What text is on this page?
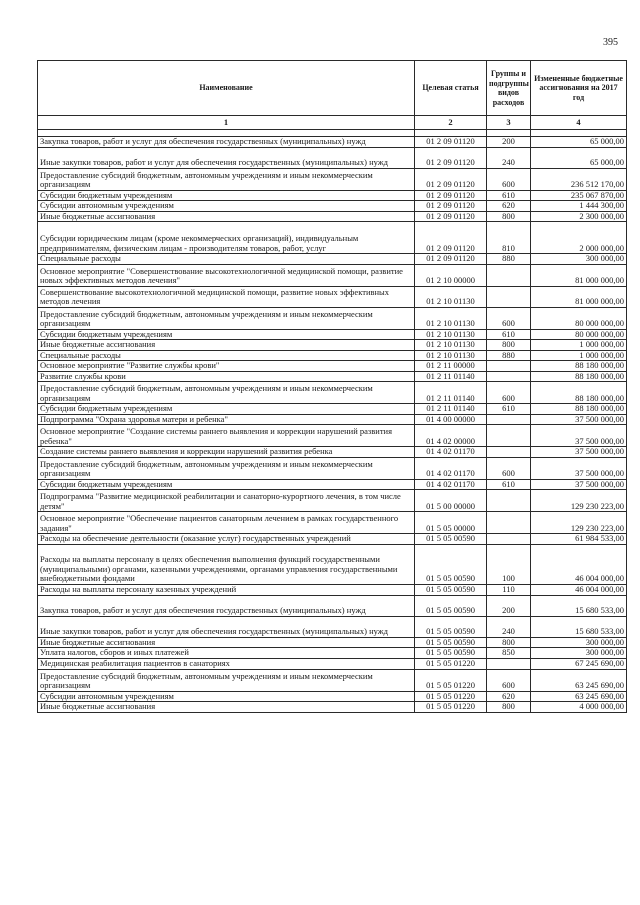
395
Наименование	Целевая статья	Группы и подгруппы видов расходов	Измененные бюджетные ассигнования на 2017 год
1	2	3	4

Закупка товаров, работ и услуг для обеспечения государственных (муниципальных) нужд	01 2 09 01120	200	65 000,00
Иные закупки товаров, работ и услуг для обеспечения государственных (муниципальных) нужд	01 2 09 01120	240	65 000,00
Предоставление субсидий бюджетным, автономным учреждениям и иным некоммерческим организациям	01 2 09 01120	600	236 512 170,00
Субсидии бюджетным учреждениям	01 2 09 01120	610	235 067 870,00
Субсидии автономным учреждениям	01 2 09 01120	620	1 444 300,00
Иные бюджетные ассигнования	01 2 09 01120	800	2 300 000,00
Субсидии юридическим лицам (кроме некоммерческих организаций), индивидуальным предпринимателям, физическим лицам - производителям товаров, работ, услуг	01 2 09 01120	810	2 000 000,00
Специальные расходы	01 2 09 01120	880	300 000,00
Основное мероприятие "Совершенствование высокотехнологичной медицинской помощи, развитие новых эффективных методов лечения"	01 2 10 00000		81 000 000,00
Совершенствование высокотехнологичной медицинской помощи, развитие новых эффективных методов лечения	01 2 10 01130		81 000 000,00
Предоставление субсидий бюджетным, автономным учреждениям и иным некоммерческим организациям	01 2 10 01130	600	80 000 000,00
Субсидии бюджетным учреждениям	01 2 10 01130	610	80 000 000,00
Иные бюджетные ассигнования	01 2 10 01130	800	1 000 000,00
Специальные расходы	01 2 10 01130	880	1 000 000,00
Основное мероприятие "Развитие службы крови"	01 2 11 00000		88 180 000,00
Развитие службы крови	01 2 11 01140		88 180 000,00
Предоставление субсидий бюджетным, автономным учреждениям и иным некоммерческим организациям	01 2 11 01140	600	88 180 000,00
Субсидии бюджетным учреждениям	01 2 11 01140	610	88 180 000,00
Подпрограмма "Охрана здоровья матери и ребенка"	01 4 00 00000		37 500 000,00
Основное мероприятие "Создание системы раннего выявления и коррекции нарушений развития ребенка"	01 4 02 00000		37 500 000,00
Создание системы раннего выявления и коррекции нарушений развития ребенка	01 4 02 01170		37 500 000,00
Предоставление субсидий бюджетным, автономным учреждениям и иным некоммерческим организациям	01 4 02 01170	600	37 500 000,00
Субсидии бюджетным учреждениям	01 4 02 01170	610	37 500 000,00
Подпрограмма "Развитие медицинской реабилитации и санаторно-курортного лечения, в том числе детям"	01 5 00 00000		129 230 223,00
Основное мероприятие "Обеспечение пациентов санаторным лечением в рамках государственного задания"	01 5 05 00000		129 230 223,00
Расходы на обеспечение деятельности (оказание услуг) государственных учреждений	01 5 05 00590		61 984 533,00
Расходы на выплаты персоналу в целях обеспечения выполнения функций государственными (муниципальными) органами, казенными учреждениями, органами управления государственными внебюджетными фондами	01 5 05 00590	100	46 004 000,00
Расходы на выплаты персоналу казенных учреждений	01 5 05 00590	110	46 004 000,00
Закупка товаров, работ и услуг для обеспечения государственных (муниципальных) нужд	01 5 05 00590	200	15 680 533,00
Иные закупки товаров, работ и услуг для обеспечения государственных (муниципальных) нужд	01 5 05 00590	240	15 680 533,00
Иные бюджетные ассигнования	01 5 05 00590	800	300 000,00
Уплата налогов, сборов и иных платежей	01 5 05 00590	850	300 000,00
Медицинская реабилитация пациентов в санаториях	01 5 05 01220		67 245 690,00
Предоставление субсидий бюджетным, автономным учреждениям и иным некоммерческим организациям	01 5 05 01220	600	63 245 690,00
Субсидии автономным учреждениям	01 5 05 01220	620	63 245 690,00
Иные бюджетные ассигнования	01 5 05 01220	800	4 000 000,00
